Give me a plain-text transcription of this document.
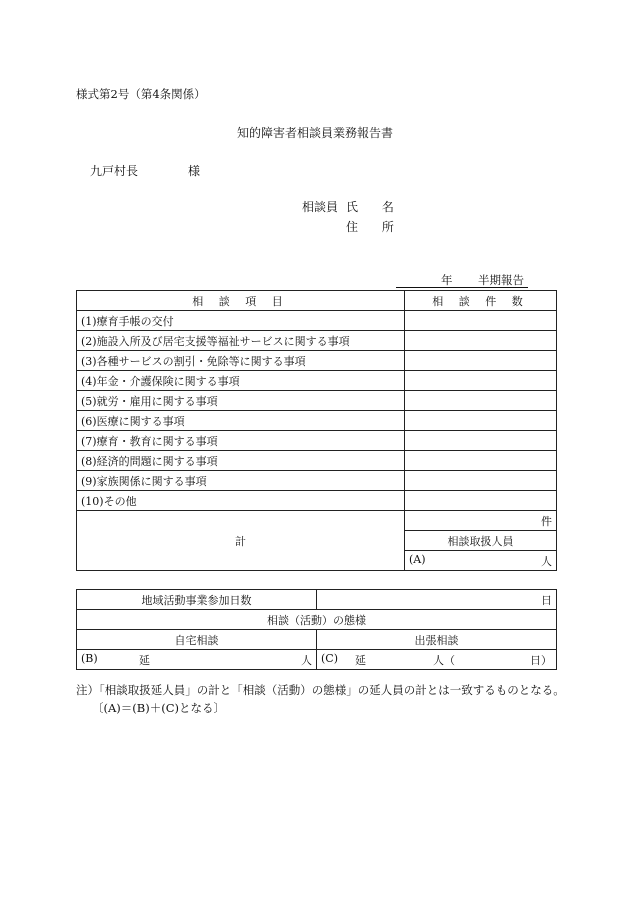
様式第2号（第4条関係）
知的障害者相談員業務報告書
九戸村長	様
相談員 氏 名
住 所
年 半期報告
相 談 項 目	相 談 件 数
(1)療育手帳の交付	
(2)施設入所及び居宅支援等福祉サービスに関する事項	
(3)各種サービスの割引・免除等に関する事項	
(4)年金・介護保険に関する事項	
(5)就労・雇用に関する事項	
(6)医療に関する事項	
(7)療育・教育に関する事項	
(8)経済的問題に関する事項	
(9)家族関係に関する事項	
(10)その他	
計	件
	相談取扱人員

	(A) 人
地域活動事業参加日数	日
相談（活動）の態様	
自宅相談	出張相談

(B) 延 人	(C) 延 人（ 日）
注）「相談取扱延人員」の計と「相談（活動）の態様」の延人員の計とは一致するものとなる。
〔(A)＝(B)＋(C)となる〕
